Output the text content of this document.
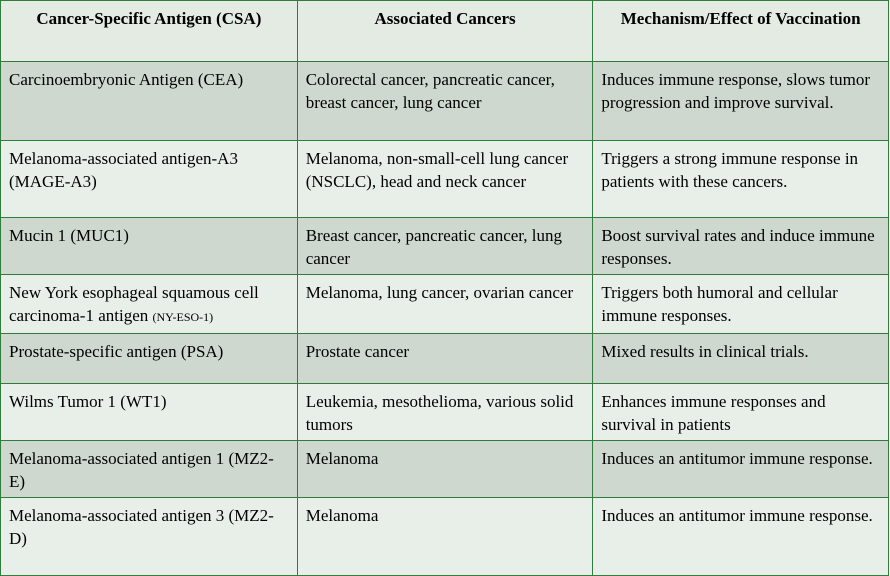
Cancer-Specific Antigen (CSA)	Associated Cancers	Mechanism/Effect of Vaccination
Carcinoembryonic Antigen (CEA)	Colorectal cancer, pancreatic cancer, breast cancer, lung cancer	Induces immune response, slows tumor progression and improve survival.
Melanoma-associated antigen-A3 (MAGE-A3)	Melanoma, non-small-cell lung cancer (NSCLC), head and neck cancer	Triggers a strong immune response in patients with these cancers.
Mucin 1 (MUC1)	Breast cancer, pancreatic cancer, lung cancer	Boost survival rates and induce immune responses.
New York esophageal squamous cell carcinoma-1 antigen (NY-ESO-1)	Melanoma, lung cancer, ovarian cancer	Triggers both humoral and cellular immune responses.
Prostate-specific antigen (PSA)	Prostate cancer	Mixed results in clinical trials.
Wilms Tumor 1 (WT1)	Leukemia, mesothelioma, various solid tumors	Enhances immune responses and survival in patients
Melanoma-associated antigen 1 (MZ2-E)	Melanoma	Induces an antitumor immune response.
Melanoma-associated antigen 3 (MZ2-D)	Melanoma	Induces an antitumor immune response.
